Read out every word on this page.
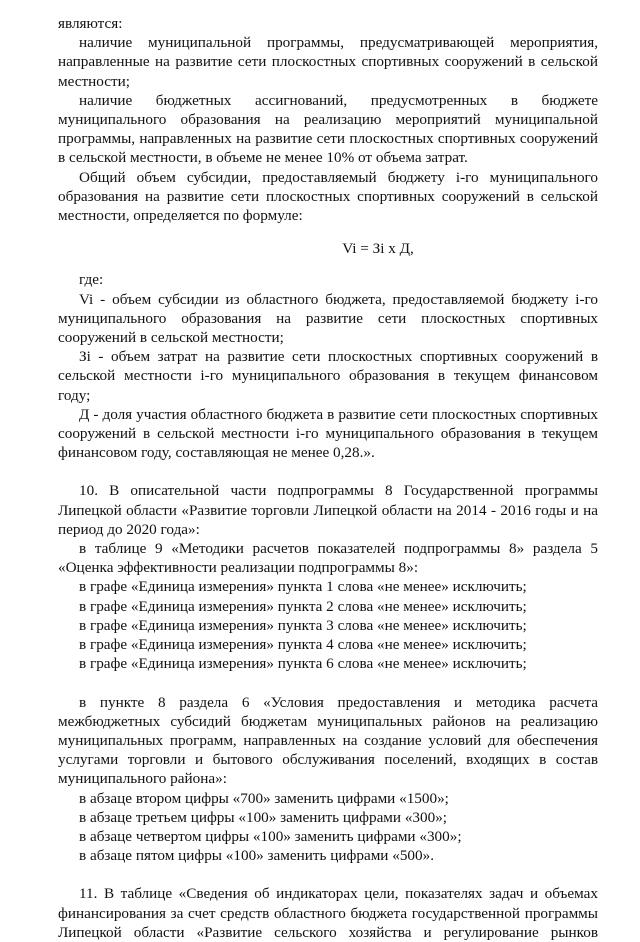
являются:

наличие муниципальной программы, предусматривающей мероприятия, направленные на развитие сети плоскостных спортивных сооружений в сельской местности;

наличие бюджетных ассигнований, предусмотренных в бюджете муниципального образования на реализацию мероприятий муниципальной программы, направленных на развитие сети плоскостных спортивных сооружений в сельской местности, в объеме не менее 10% от объема затрат.

Общий объем субсидии, предоставляемый бюджету i-го муниципального образования на развитие сети плоскостных спортивных сооружений в сельской местности, определяется по формуле:

Vi = Зi х Д,

где:

Vi - объем субсидии из областного бюджета, предоставляемой бюджету i-го муниципального образования на развитие сети плоскостных спортивных сооружений в сельской местности;

Зi - объем затрат на развитие сети плоскостных спортивных сооружений в сельской местности i-го муниципального образования в текущем финансовом году;

Д - доля участия областного бюджета в развитие сети плоскостных спортивных сооружений в сельской местности i-го муниципального образования в текущем финансовом году, составляющая не менее 0,28.».

10. В описательной части подпрограммы 8 Государственной программы Липецкой области «Развитие торговли Липецкой области на 2014 - 2016 годы и на период до 2020 года»:

в таблице 9 «Методики расчетов показателей подпрограммы 8» раздела 5 «Оценка эффективности реализации подпрограммы 8»:

в графе «Единица измерения» пункта 1 слова «не менее» исключить;

в графе «Единица измерения» пункта 2 слова «не менее» исключить;

в графе «Единица измерения» пункта 3 слова «не менее» исключить;

в графе «Единица измерения» пункта 4 слова «не менее» исключить;

в графе «Единица измерения» пункта 6 слова «не менее» исключить;

в пункте 8 раздела 6 «Условия предоставления и методика расчета межбюджетных субсидий бюджетам муниципальных районов на реализацию муниципальных программ, направленных на создание условий для обеспечения услугами торговли и бытового обслуживания поселений, входящих в состав муниципального района»:

в абзаце втором цифры «700» заменить цифрами «1500»;

в абзаце третьем цифры «100» заменить цифрами «300»;

в абзаце четвертом цифры «100» заменить цифрами «300»;

в абзаце пятом цифры «100» заменить цифрами «500».

11. В таблице «Сведения об индикаторах цели, показателях задач и объемах финансирования за счет средств областного бюджета государственной программы Липецкой области «Развитие сельского хозяйства и регулирование рынков
